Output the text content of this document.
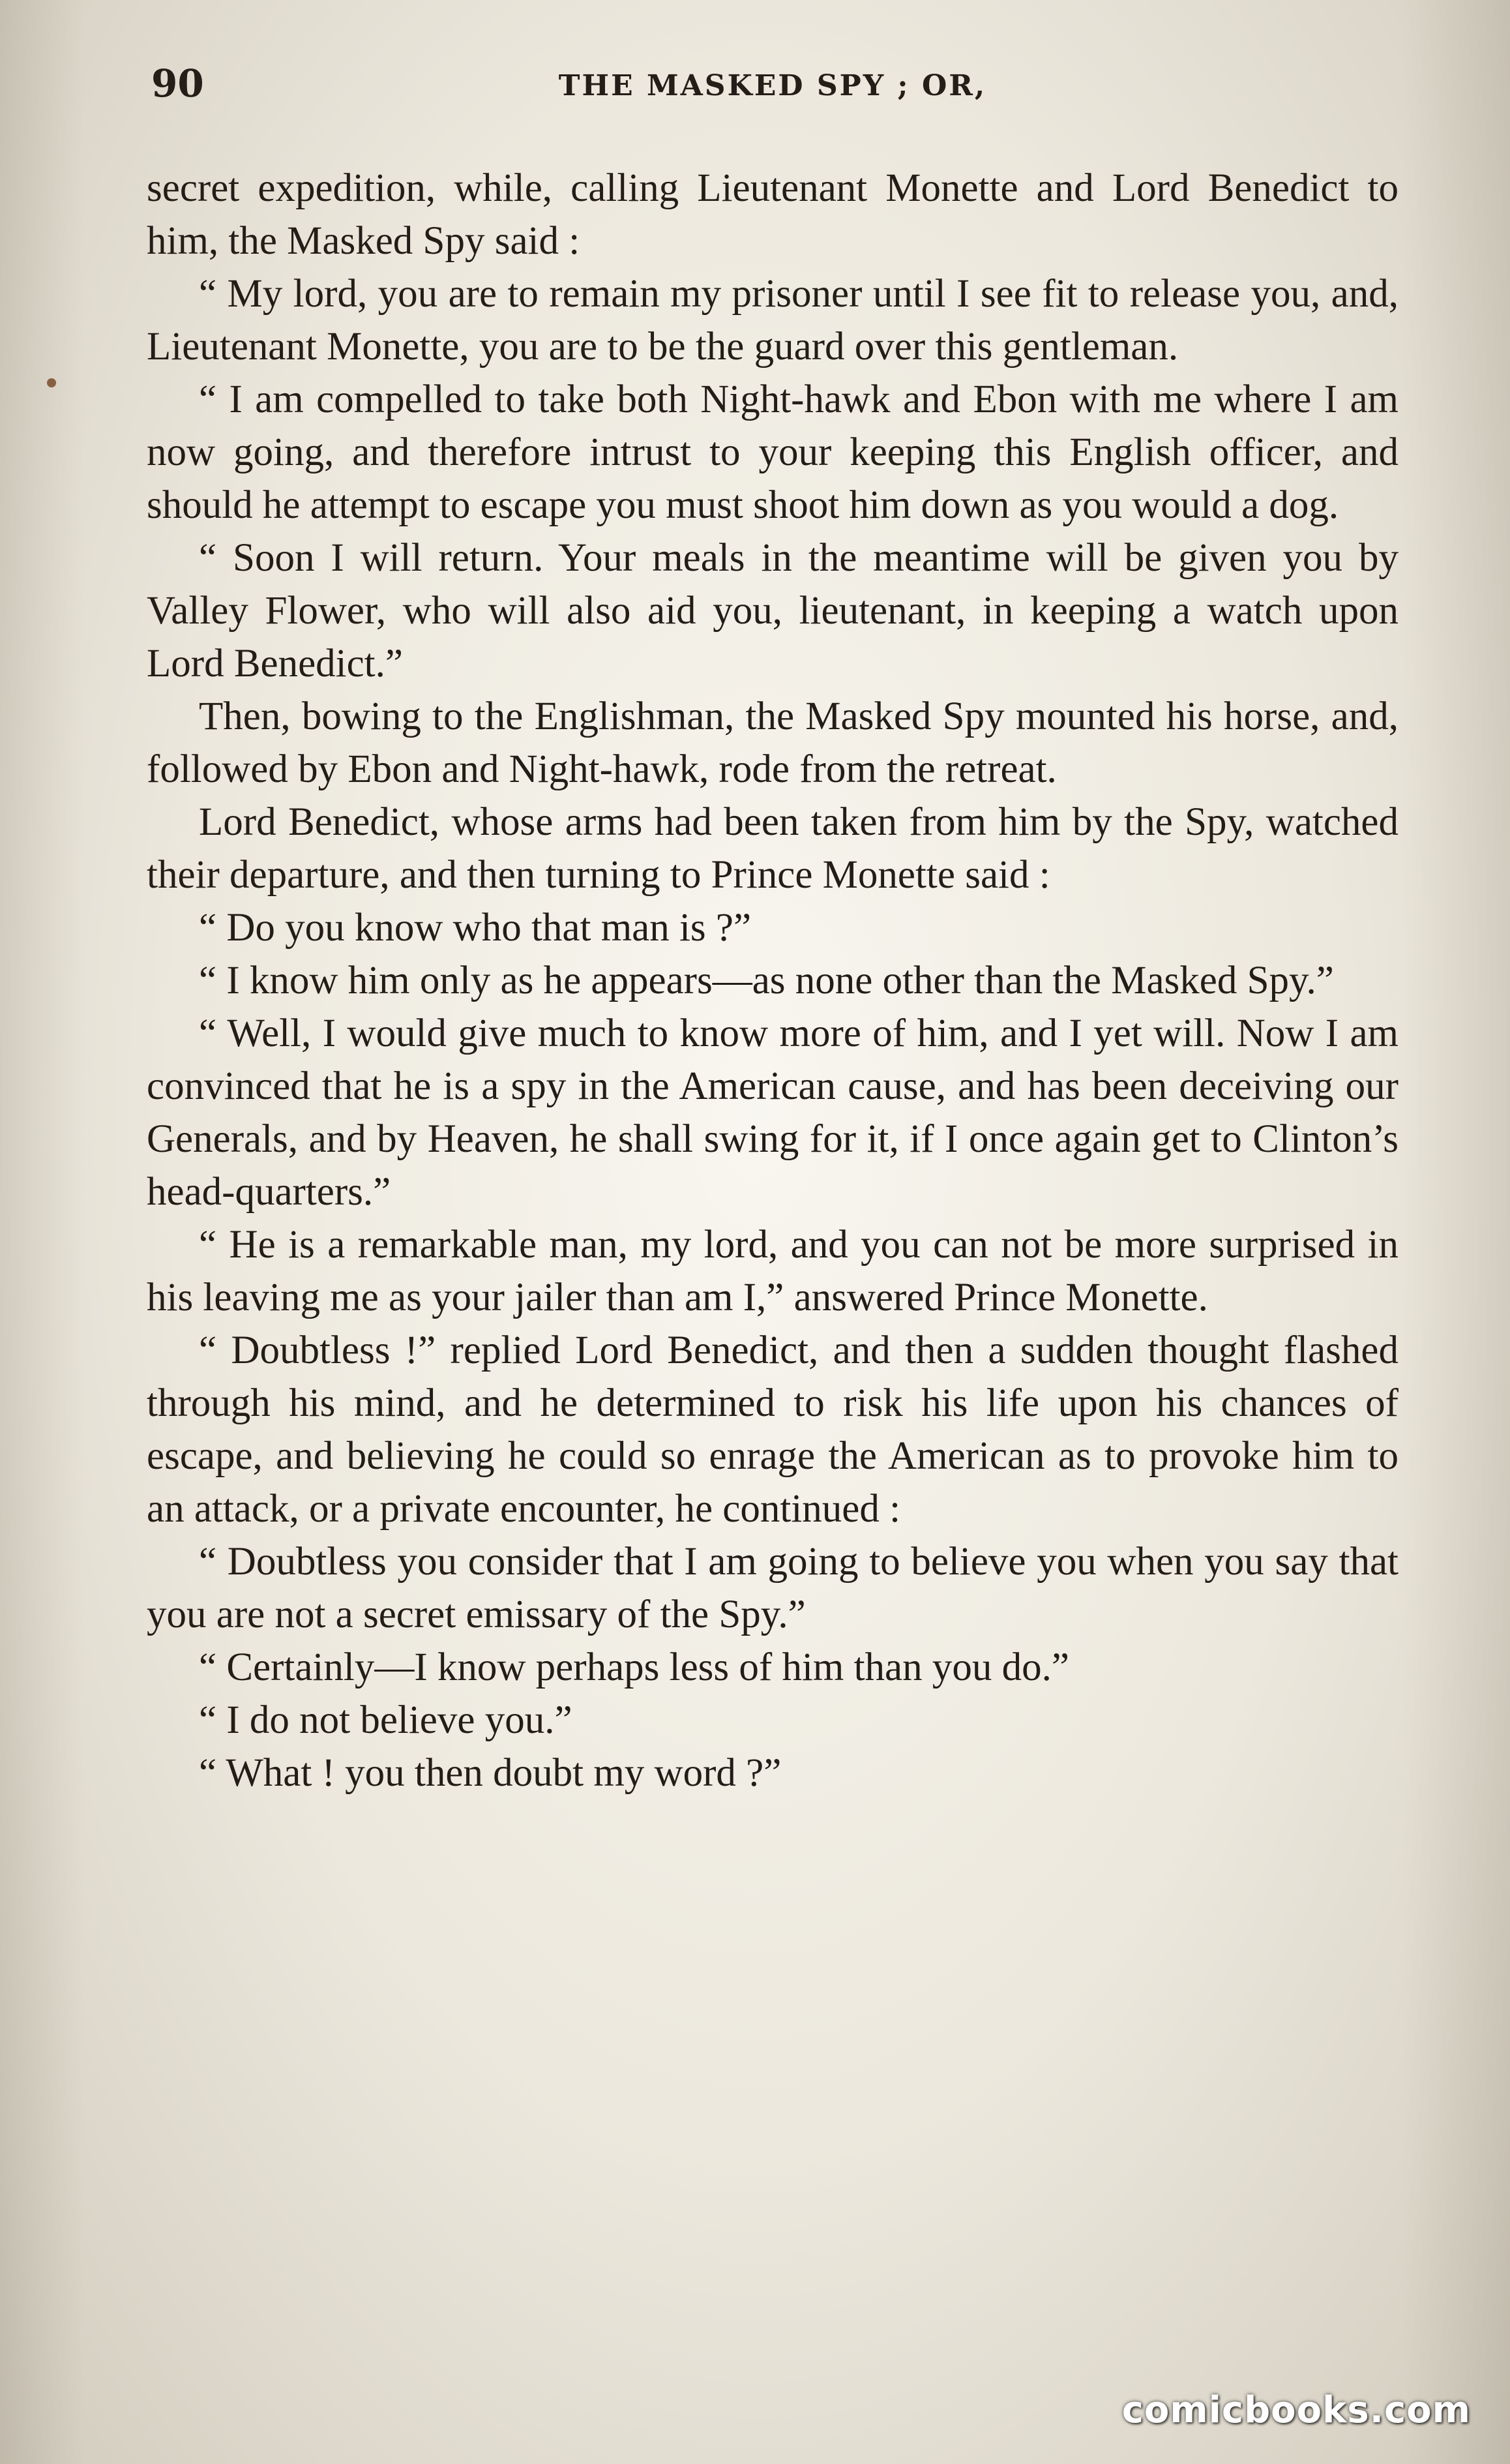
90	THE MASKED SPY ; OR,

secret expedition, while, calling Lieutenant Monette and Lord Benedict to him, the Masked Spy said :

“ My lord, you are to remain my prisoner until I see fit to release you, and, Lieutenant Monette, you are to be the guard over this gentleman.

“ I am compelled to take both Night-hawk and Ebon with me where I am now going, and therefore intrust to your keeping this English officer, and should he attempt to escape you must shoot him down as you would a dog.

“ Soon I will return. Your meals in the meantime will be given you by Valley Flower, who will also aid you, lieutenant, in keeping a watch upon Lord Benedict.”

Then, bowing to the Englishman, the Masked Spy mounted his horse, and, followed by Ebon and Night-hawk, rode from the retreat.

Lord Benedict, whose arms had been taken from him by the Spy, watched their departure, and then turning to Prince Monette said :

“ Do you know who that man is ?”

“ I know him only as he appears—as none other than the Masked Spy.”

“ Well, I would give much to know more of him, and I yet will. Now I am convinced that he is a spy in the American cause, and has been deceiving our Generals, and by Heaven, he shall swing for it, if I once again get to Clinton’s head-quarters.”

“ He is a remarkable man, my lord, and you can not be more surprised in his leaving me as your jailer than am I,” answered Prince Monette.

“ Doubtless !” replied Lord Benedict, and then a sudden thought flashed through his mind, and he determined to risk his life upon his chances of escape, and believing he could so enrage the American as to provoke him to an attack, or a private encounter, he continued :

“ Doubtless you consider that I am going to believe you when you say that you are not a secret emissary of the Spy.”

“ Certainly—I know perhaps less of him than you do.”

“ I do not believe you.”

“ What ! you then doubt my word ?”

comicbooks.com
